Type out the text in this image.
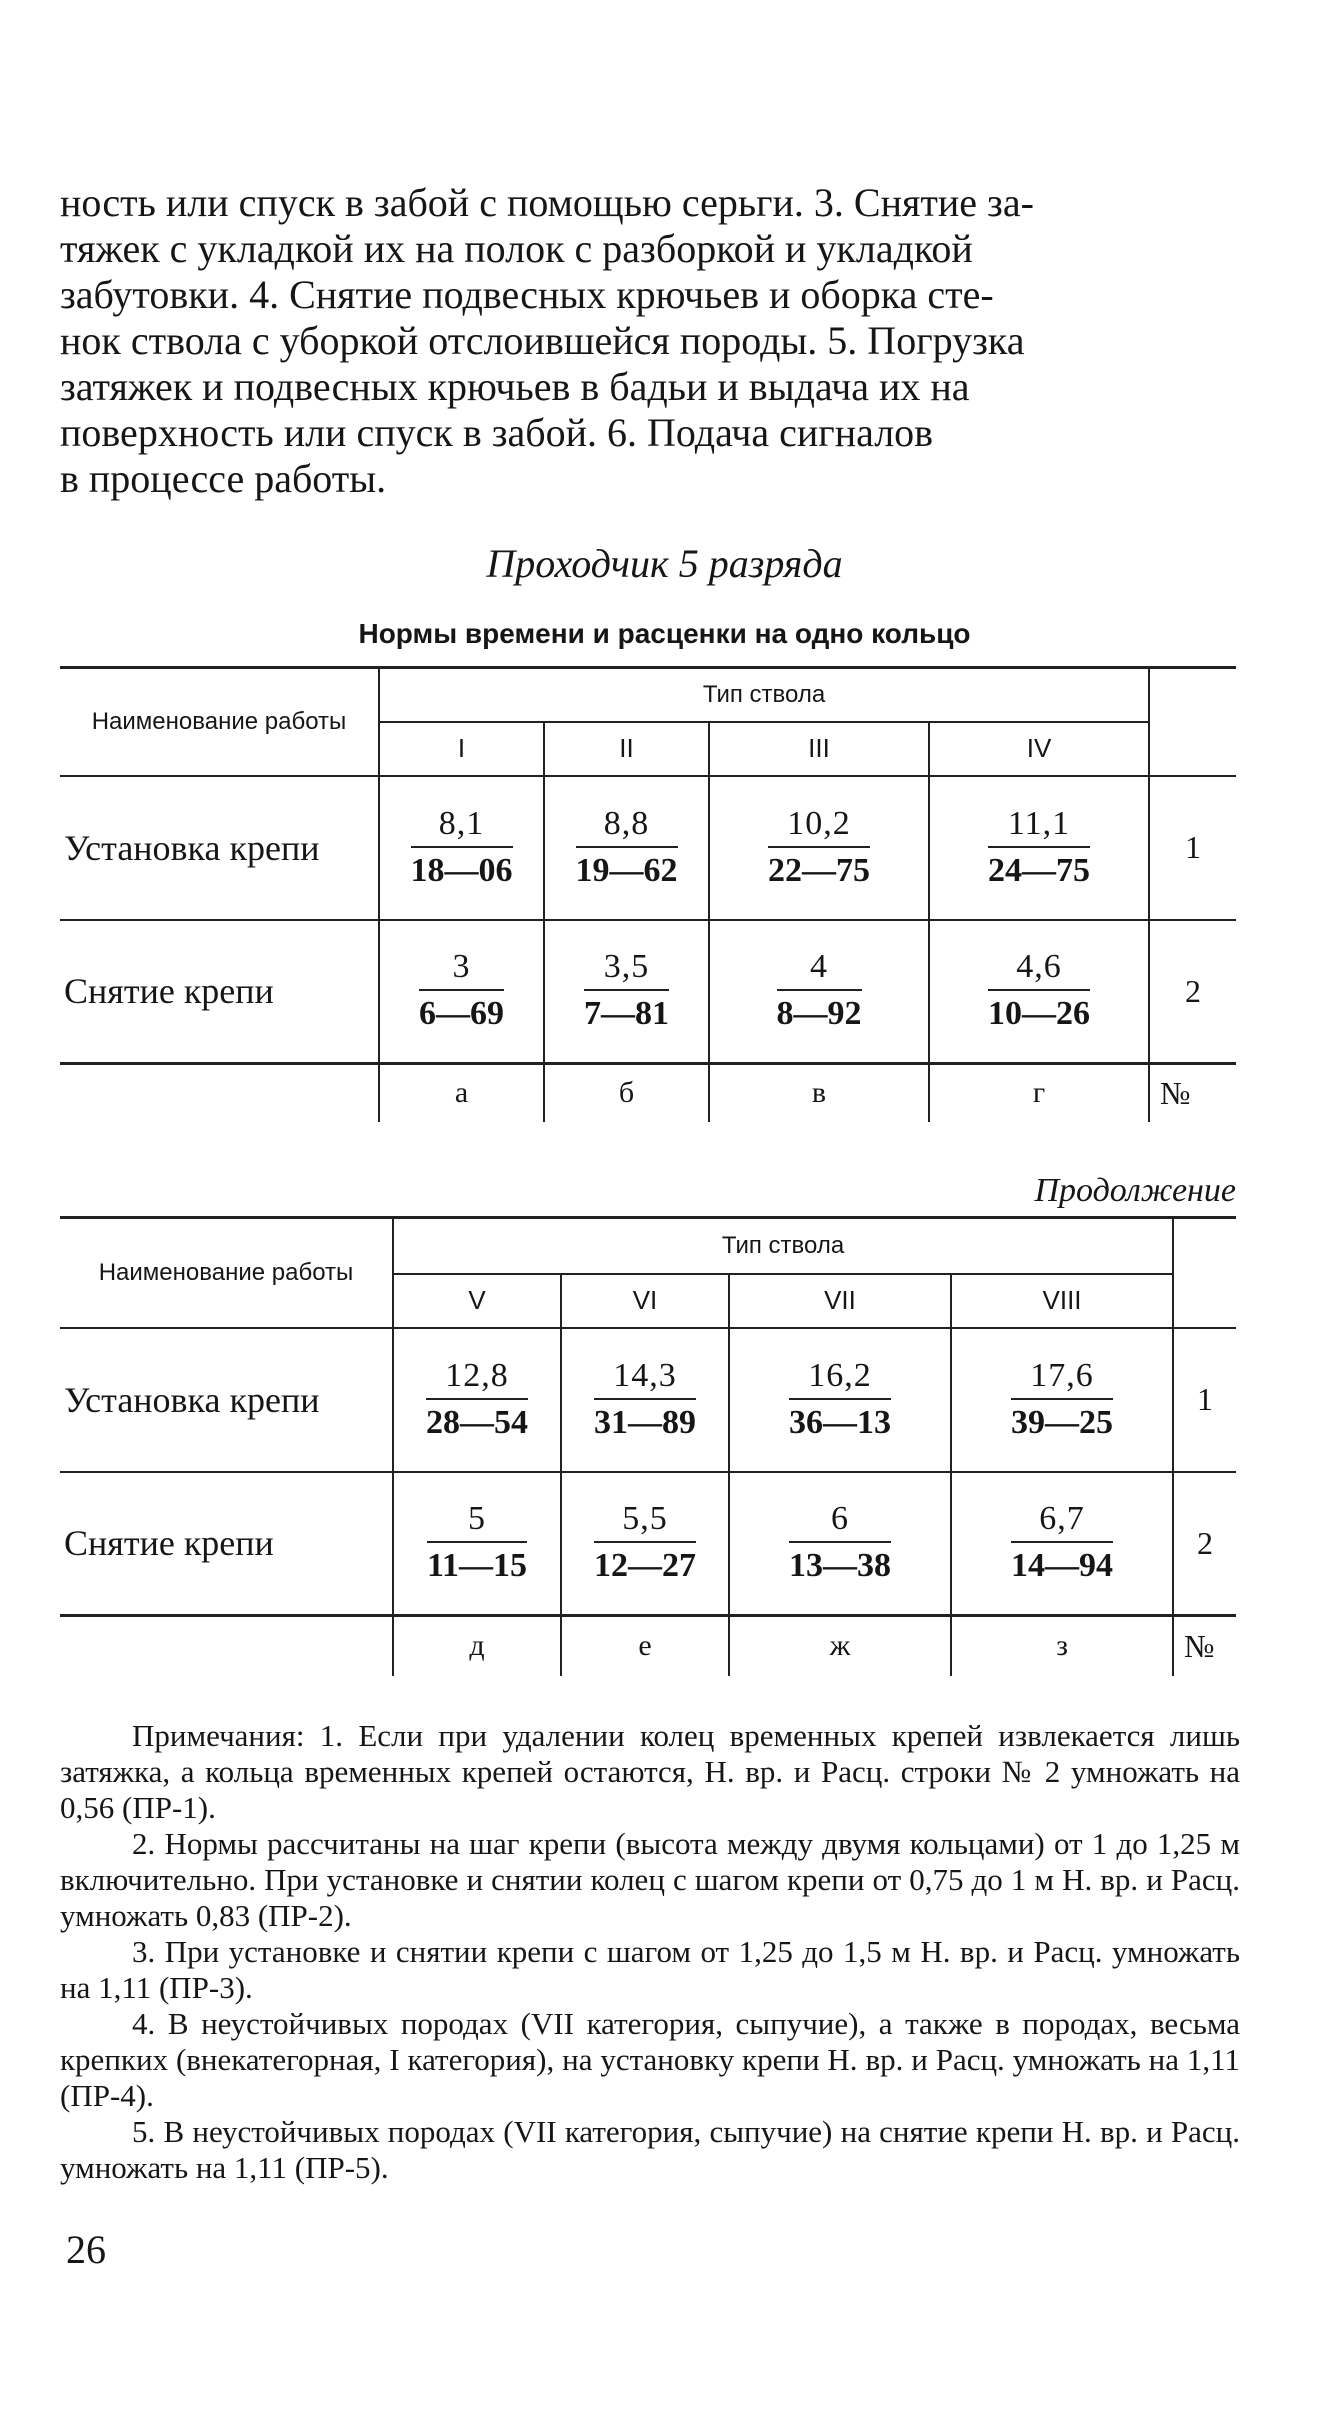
ность или спуск в забой с помощью серьги. 3. Снятие за-
тяжек с укладкой их на полок с разборкой и укладкой
забутовки. 4. Снятие подвесных крючьев и оборка сте-
нок ствола с уборкой отслоившейся породы. 5. Погрузка
затяжек и подвесных крючьев в бадьи и выдача их на
поверхность или спуск в забой. 6. Подача сигналов
в процессе работы.
Проходчик 5 разряда
Нормы времени и расценки на одно кольцо
Наименование работы	Тип ствола				
	I	II	III	IV	
Установка крепи	$\frac{8,1}{18—06}$	$\frac{8,8}{19—62}$	$\frac{10,2}{22—75}$	$\frac{11,1}{24—75}$	1
Снятие крепи	$\frac{3}{6—69}$	$\frac{3,5}{7—81}$	$\frac{4}{8—92}$	$\frac{4,6}{10—26}$	2
	а	б	в	г	№
Продолжение
Наименование работы	Тип ствола				
	V	VI	VII	VIII	
Установка крепи	$\frac{12,8}{28—54}$	$\frac{14,3}{31—89}$	$\frac{16,2}{36—13}$	$\frac{17,6}{39—25}$	1
Снятие крепи	$\frac{5}{11—15}$	$\frac{5,5}{12—27}$	$\frac{6}{13—38}$	$\frac{6,7}{14—94}$	2
	д	е	ж	з	№

Примечания: 1. Если при удалении колец временных крепей извлекается лишь затяжка, а кольца временных крепей остаются, Н. вр. и Расц. строки № 2 умножать на 0,56 (ПР-1).

2. Нормы рассчитаны на шаг крепи (высота между двумя кольцами) от 1 до 1,25 м включительно. При установке и снятии колец с шагом крепи от 0,75 до 1 м Н. вр. и Расц. умножать 0,83 (ПР-2).

3. При установке и снятии крепи с шагом от 1,25 до 1,5 м Н. вр. и Расц. умножать на 1,11 (ПР-3).

4. В неустойчивых породах (VII категория, сыпучие), а также в породах, весьма крепких (внекатегорная, I категория), на установку крепи Н. вр. и Расц. умножать на 1,11 (ПР-4).

5. В неустойчивых породах (VII категория, сыпучие) на снятие крепи Н. вр. и Расц. умножать на 1,11 (ПР-5).

26
